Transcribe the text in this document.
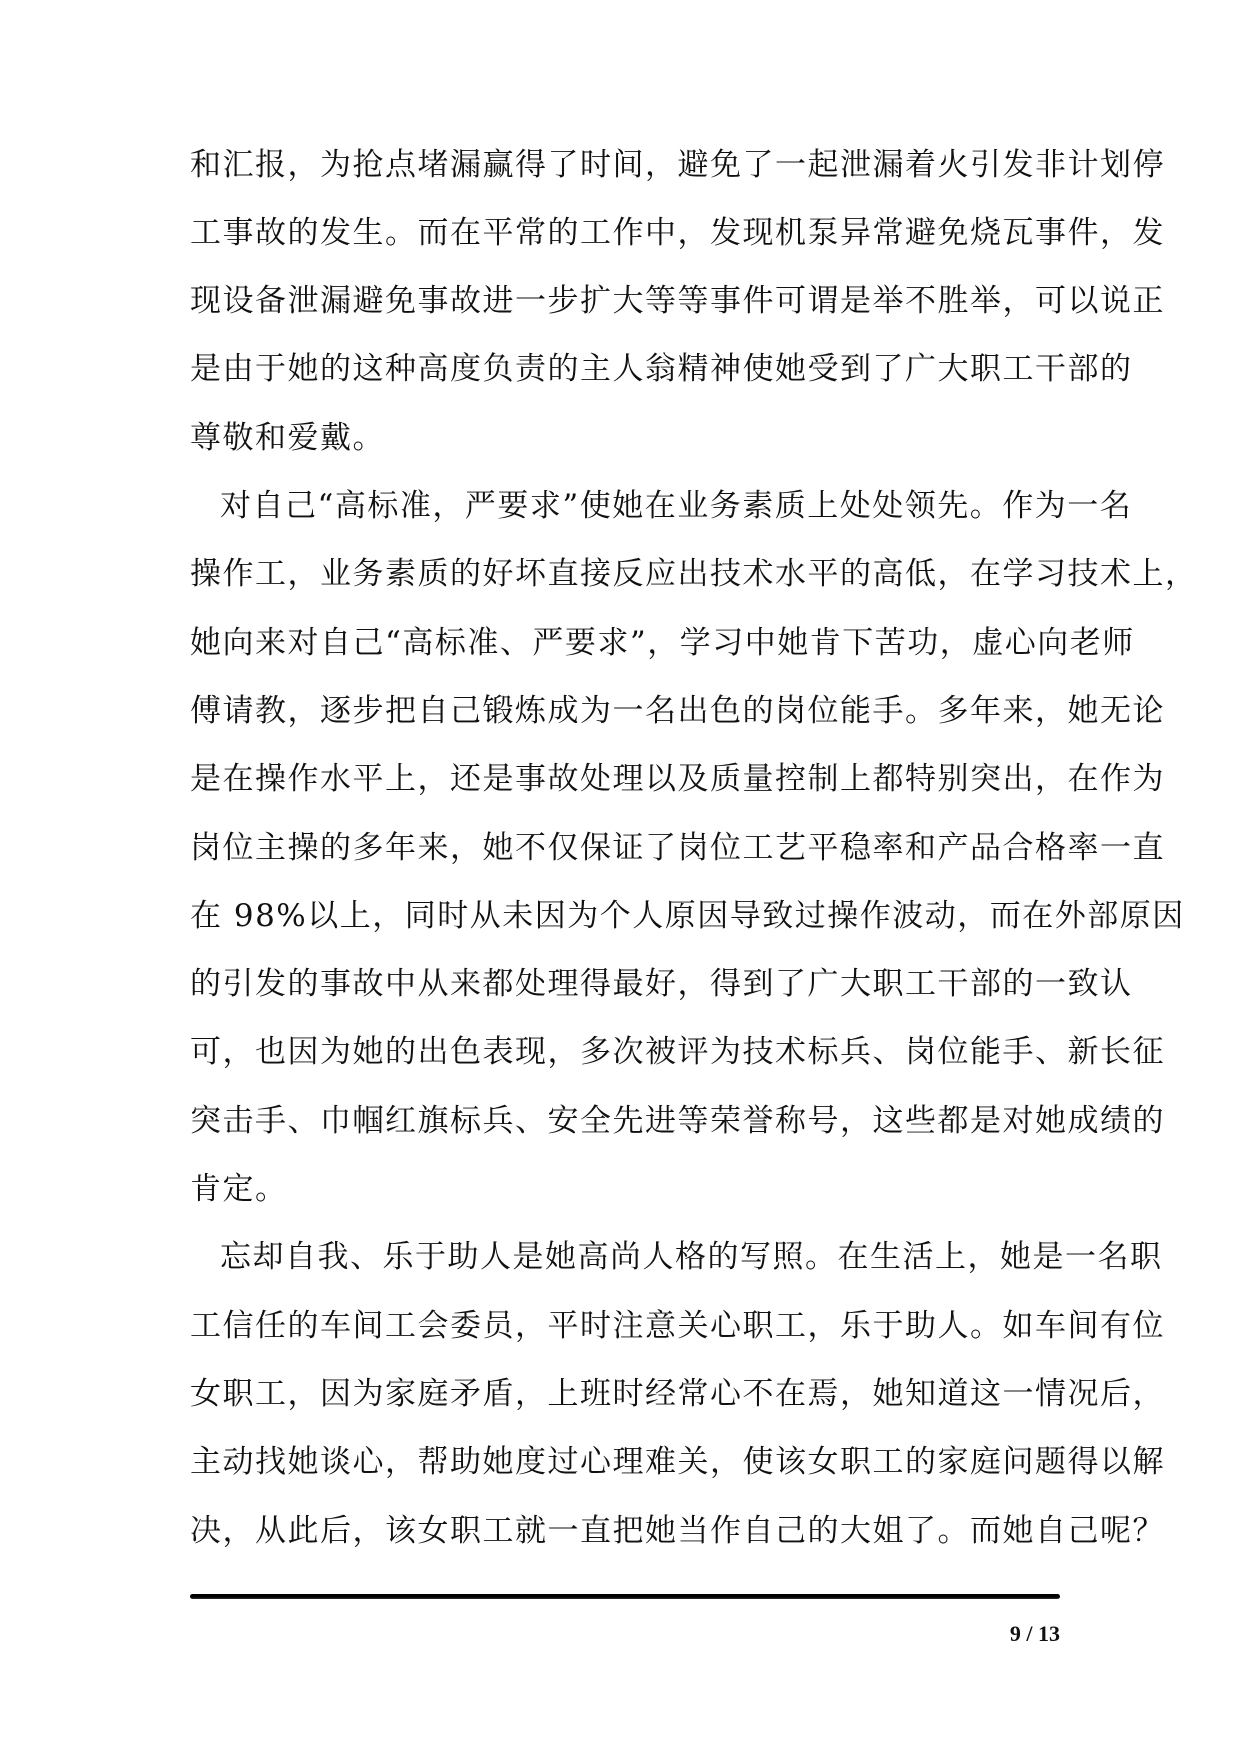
和汇报，为抢点堵漏赢得了时间，避免了一起泄漏着火引发非计划停
工事故的发生。而在平常的工作中，发现机泵异常避免烧瓦事件，发
现设备泄漏避免事故进一步扩大等等事件可谓是举不胜举，可以说正
是由于她的这种高度负责的主人翁精神使她受到了广大职工干部的
尊敬和爱戴。
对自己“高标准，严要求”使她在业务素质上处处领先。作为一名
操作工，业务素质的好坏直接反应出技术水平的高低，在学习技术上，
她向来对自己“高标准、严要求”，学习中她肯下苦功，虚心向老师
傅请教，逐步把自己锻炼成为一名出色的岗位能手。多年来，她无论
是在操作水平上，还是事故处理以及质量控制上都特别突出，在作为
岗位主操的多年来，她不仅保证了岗位工艺平稳率和产品合格率一直
在 98%以上，同时从未因为个人原因导致过操作波动，而在外部原因
的引发的事故中从来都处理得最好，得到了广大职工干部的一致认
可，也因为她的出色表现，多次被评为技术标兵、岗位能手、新长征
突击手、巾帼红旗标兵、安全先进等荣誉称号，这些都是对她成绩的
肯定。
忘却自我、乐于助人是她高尚人格的写照。在生活上，她是一名职
工信任的车间工会委员，平时注意关心职工，乐于助人。如车间有位
女职工，因为家庭矛盾，上班时经常心不在焉，她知道这一情况后，
主动找她谈心，帮助她度过心理难关，使该女职工的家庭问题得以解
决，从此后，该女职工就一直把她当作自己的大姐了。而她自己呢？
9 / 13
